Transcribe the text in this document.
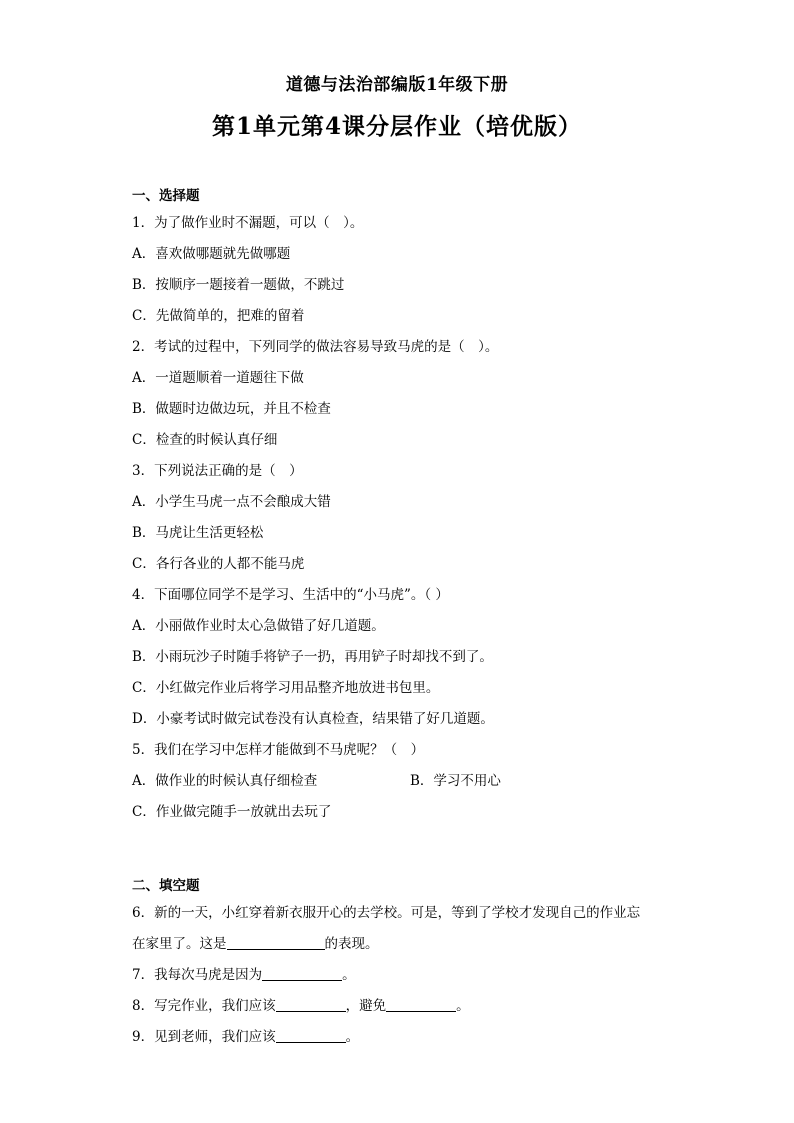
道德与法治部编版1年级下册
第1单元第4课分层作业（培优版）
一、选择题
1．为了做作业时不漏题，可以（　）。
A．喜欢做哪题就先做哪题
B．按顺序一题接着一题做，不跳过
C．先做简单的，把难的留着
2．考试的过程中，下列同学的做法容易导致马虎的是（　）。
A．一道题顺着一道题往下做
B．做题时边做边玩，并且不检查
C．检查的时候认真仔细
3．下列说法正确的是（　）
A．小学生马虎一点不会酿成大错
B．马虎让生活更轻松
C．各行各业的人都不能马虎
4．下面哪位同学不是学习、生活中的“小马虎”。（ ）
A．小丽做作业时太心急做错了好几道题。
B．小雨玩沙子时随手将铲子一扔，再用铲子时却找不到了。
C．小红做完作业后将学习用品整齐地放进书包里。
D．小豪考试时做完试卷没有认真检查，结果错了好几道题。
5．我们在学习中怎样才能做到不马虎呢？（　）
A．做作业的时候认真仔细检查	B．学习不用心
C．作业做完随手一放就出去玩了
二、填空题
6．新的一天，小红穿着新衣服开心的去学校。可是，等到了学校才发现自己的作业忘
在家里了。这是	的表现。
7．我每次马虎是因为	。
8．写完作业，我们应该	，避免	。
9．见到老师，我们应该	。
